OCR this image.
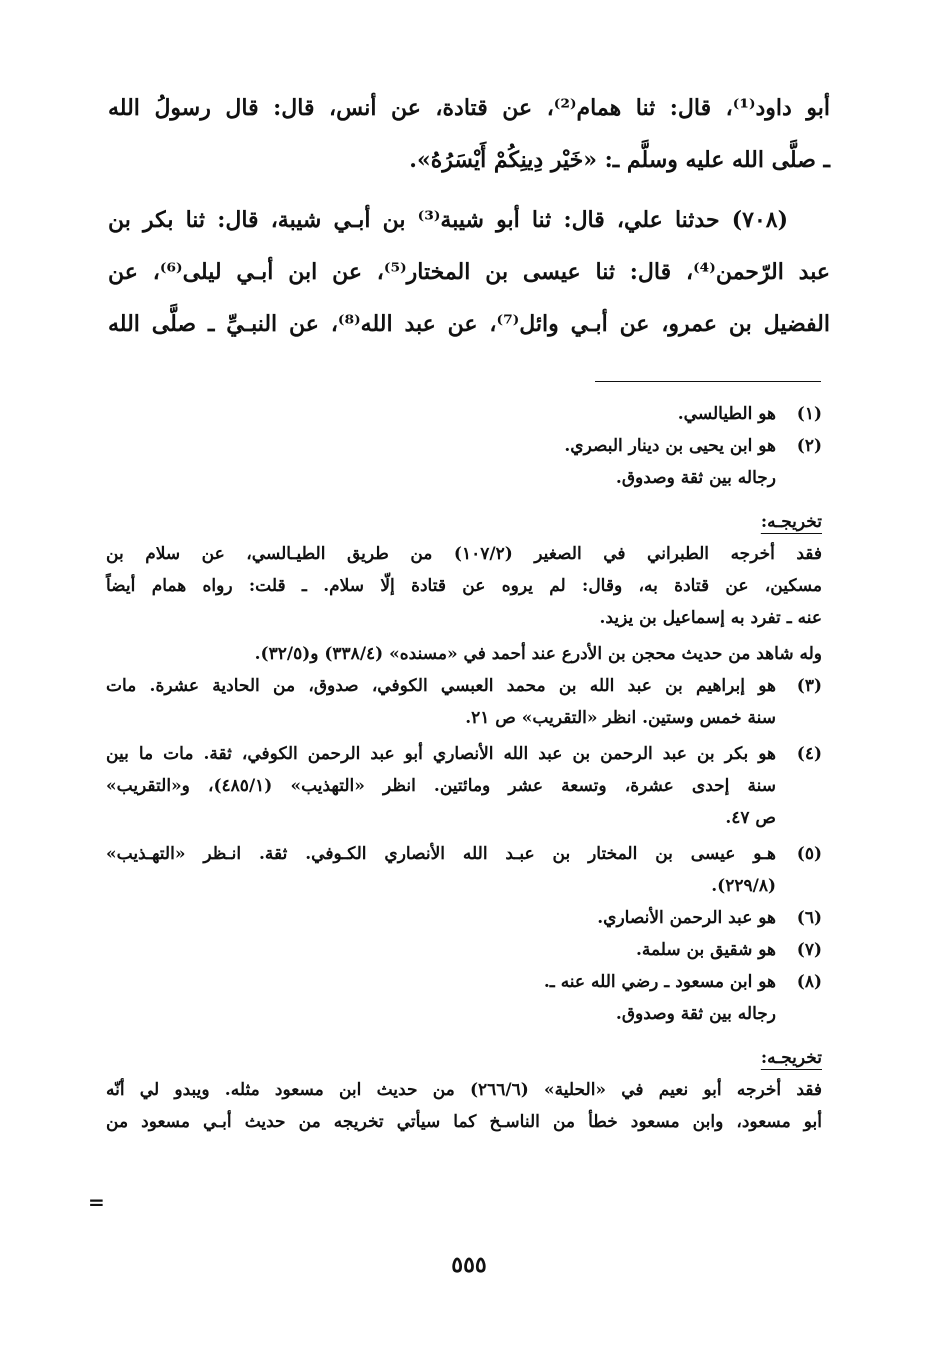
أبو داود⁽¹⁾، قال: ثنا همام⁽²⁾، عن قتادة، عن أنس، قال: قال رسولُ الله
ـ صلَّى الله عليه وسلَّم ـ: «خَيْر دِينِكُمْ أَيْسَرُهُ».
(٧٠٨) حدثنا علي، قال: ثنا أبو شيبة⁽³⁾ بن أبـي شيبة، قال: ثنا بكر بن
عبد الرّحمن⁽⁴⁾، قال: ثنا عيسى بن المختار⁽⁵⁾، عن ابن أبـي ليلى⁽⁶⁾، عن
الفضيل بن عمرو، عن أبـي وائل⁽⁷⁾، عن عبد الله⁽⁸⁾، عن النبـيِّ ـ صلَّى الله
(١)
هو الطيالسي.
(٢)
هو ابن يحيى بن دينار البصري.
رجاله بين ثقة وصدوق.
تخريجـه:
فقد أخرجه الطبراني في الصغير (١٠٧/٢) من طريق الطيـالسي، عن سلام بن
مسكين، عن قتادة به، وقال: لم يروه عن قتادة إلّا سلام. ـ قلت: رواه همام أيضاً
عنه ـ تفرد به إسماعيل بن يزيد.
وله شاهد من حديث محجن بن الأدرع عند أحمد في «مسنده» (٣٣٨/٤) و(٣٢/٥).
(٣)
هو إبراهيم بن عبد الله بن محمد العبسي الكوفي، صدوق، من الحادية عشرة. مات
سنة خمس وستين. انظر «التقريب» ص ٢١.
(٤)
هو بكر بن عبد الرحمن بن عبد الله الأنصاري أبو عبد الرحمن الكوفي، ثقة. مات ما بين
سنة إحدى عشرة، وتسعة عشر ومائتين. انظر «التهذيب» (٤٨٥/١)، و«التقريب»
ص ٤٧.
(٥)
هـو عيسى بن المختار بن عبـد الله الأنصاري الكـوفي. ثقة. انـظر «التهـذيب»
(٢٢٩/٨).
(٦)
هو عبد الرحمن الأنصاري.
(٧)
هو شقيق بن سلمة.
(٨)
هو ابن مسعود ـ رضي الله عنه ـ.
رجاله بين ثقة وصدوق.
تخريجـه:
فقد أخرجه أبو نعيم في «الحلية» (٢٦٦/٦) من حديث ابن مسعود مثله. ويبدو لي أنّه
أبو مسعود، وابن مسعود خطأ من الناسـخ كما سيأتي تخريجه من حديث أبـي مسعود من
=
٥٥٥
